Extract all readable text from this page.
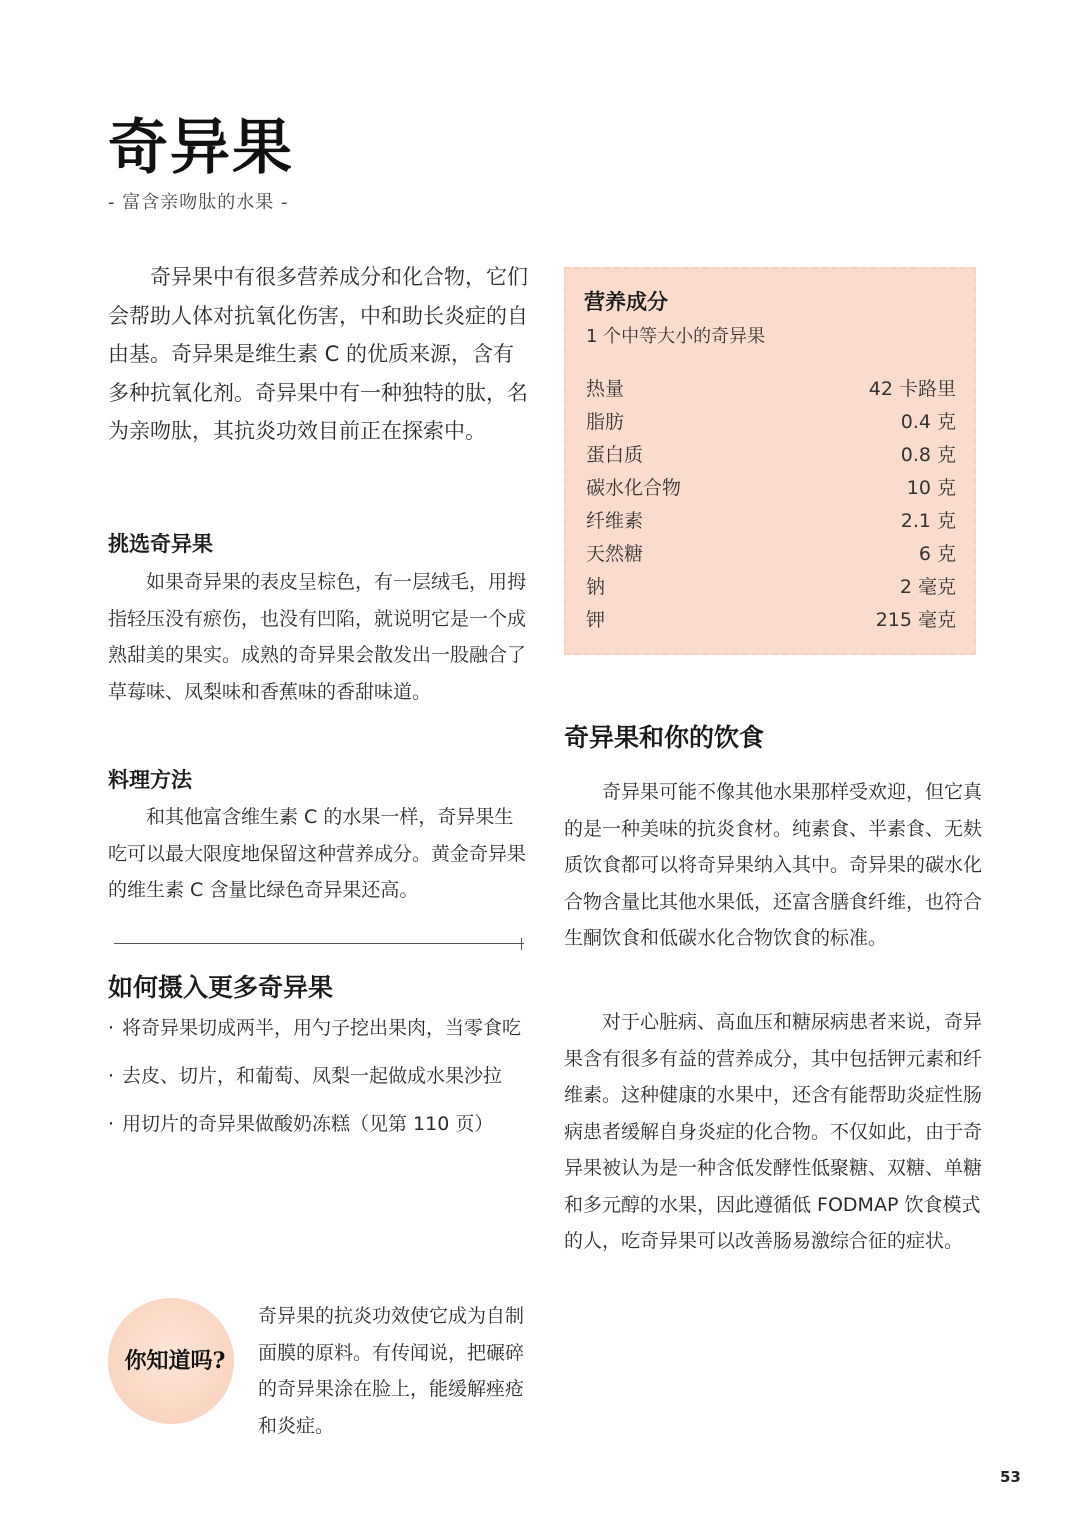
奇异果
- 富含亲吻肽的水果 -

奇异果中有很多营养成分和化合物，它们会帮助人体对抗氧化伤害，中和助长炎症的自由基。奇异果是维生素 C 的优质来源，含有多种抗氧化剂。奇异果中有一种独特的肽，名为亲吻肽，其抗炎功效目前正在探索中。

挑选奇异果

如果奇异果的表皮呈棕色，有一层绒毛，用拇指轻压没有瘀伤，也没有凹陷，就说明它是一个成熟甜美的果实。成熟的奇异果会散发出一股融合了草莓味、凤梨味和香蕉味的香甜味道。

料理方法

和其他富含维生素 C 的水果一样，奇异果生吃可以最大限度地保留这种营养成分。黄金奇异果的维生素 C 含量比绿色奇异果还高。

如何摄入更多奇异果
· 将奇异果切成两半，用勺子挖出果肉，当零食吃
· 去皮、切片，和葡萄、凤梨一起做成水果沙拉
· 用切片的奇异果做酸奶冻糕（见第 110 页）
营养成分
1 个中等大小的奇异果
热量	42 卡路里
脂肪	0.4 克
蛋白质	0.8 克
碳水化合物	10 克
纤维素	2.1 克
天然糖	6 克
钠	2 毫克
钾	215 毫克
奇异果和你的饮食

奇异果可能不像其他水果那样受欢迎，但它真的是一种美味的抗炎食材。纯素食、半素食、无麸质饮食都可以将奇异果纳入其中。奇异果的碳水化合物含量比其他水果低，还富含膳食纤维，也符合生酮饮食和低碳水化合物饮食的标准。

对于心脏病、高血压和糖尿病患者来说，奇异果含有很多有益的营养成分，其中包括钾元素和纤维素。这种健康的水果中，还含有能帮助炎症性肠病患者缓解自身炎症的化合物。不仅如此，由于奇异果被认为是一种含低发酵性低聚糖、双糖、单糖和多元醇的水果，因此遵循低 FODMAP 饮食模式的人，吃奇异果可以改善肠易激综合征的症状。

你知道吗?

奇异果的抗炎功效使它成为自制面膜的原料。有传闻说，把碾碎的奇异果涂在脸上，能缓解痤疮和炎症。

53
